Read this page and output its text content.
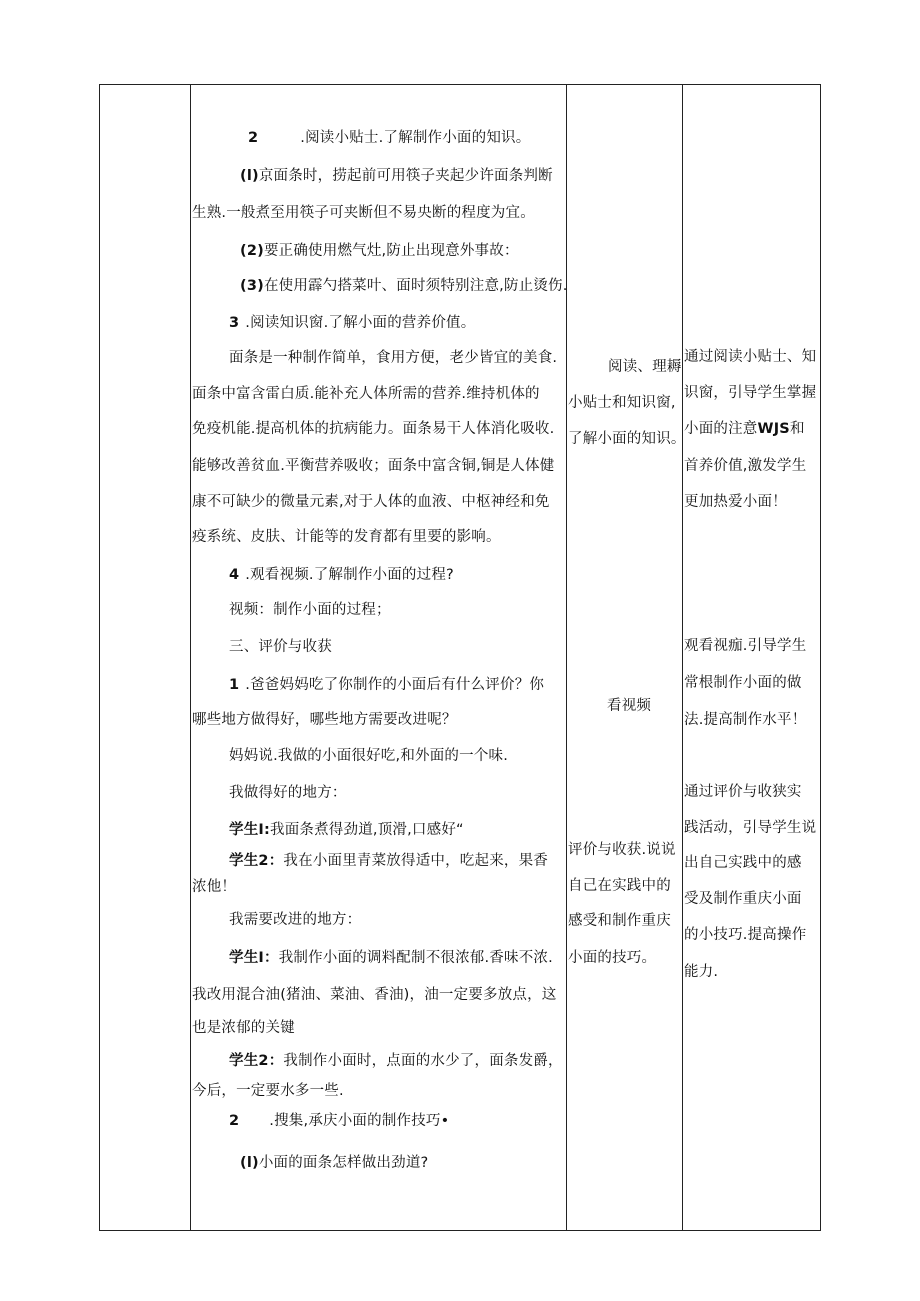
2	.阅读小贴士.了解制作小面的知识。
(l)京面条时，捞起前可用筷子夹起少许面条判断
生熟.一般煮至用筷子可夹断但不易央断的程度为宜。
(2)要正确使用燃气灶,防止出现意外事故：
(3)在使用霹勺搭菜叶、面时须特别注意,防止烫伤.
3 .阅读知识窗.了解小面的营养价值。
面条是一种制作简单，食用方便，老少皆宜的美食.
面条中富含雷白质.能补充人体所需的营养.维持机体的
免疫机能.提高机体的抗病能力。面条易干人体消化吸收.
能够改善贫血.平衡营养吸收；面条中富含铜,铜是人体健
康不可缺少的微量元素,对于人体的血液、中枢神经和免
疫系统、皮肤、计能等的发育都有里要的影响。
4 .观看视频.了解制作小面的过程?
视频：制作小面的过程；
三、评价与收获
1 .爸爸妈妈吃了你制作的小面后有什么评价？你
哪些地方做得好，哪些地方需要改进呢？
妈妈说.我做的小面很好吃,和外面的一个味.
我做得好的地方：
学生I:我面条煮得劲道,顶滑,口感好“
学生2：我在小面里青菜放得适中，吃起来，果香
浓他！
我需要改进的地方：
学生I：我制作小面的调料配制不很浓郁.香味不浓.
我改用混合油(猪油、菜油、香油)，油一定要多放点，这
也是浓郁的关键
学生2：我制作小面时，点面的水少了，面条发爵，
今后，一定要水多一些.
2 .搜集,承庆小面的制作技巧•
(l)小面的面条怎样做出劲道?
阅读、理耨
小贴士和知识窗,
了解小面的知识。
看视频
评价与收获.说说
自己在实践中的
感受和制作重庆
小面的技巧。
通过阅读小贴士、知
识窗，引导学生掌握
小面的注意WJS和
首养价值,激发学生
更加热爱小面！
观看视痂.引导学生
常根制作小面的做
法.提高制作水平！
通过评价与收狭实
践活动，引导学生说
出自己实践中的感
受及制作重庆小面
的小技巧.提高操作
能力.
